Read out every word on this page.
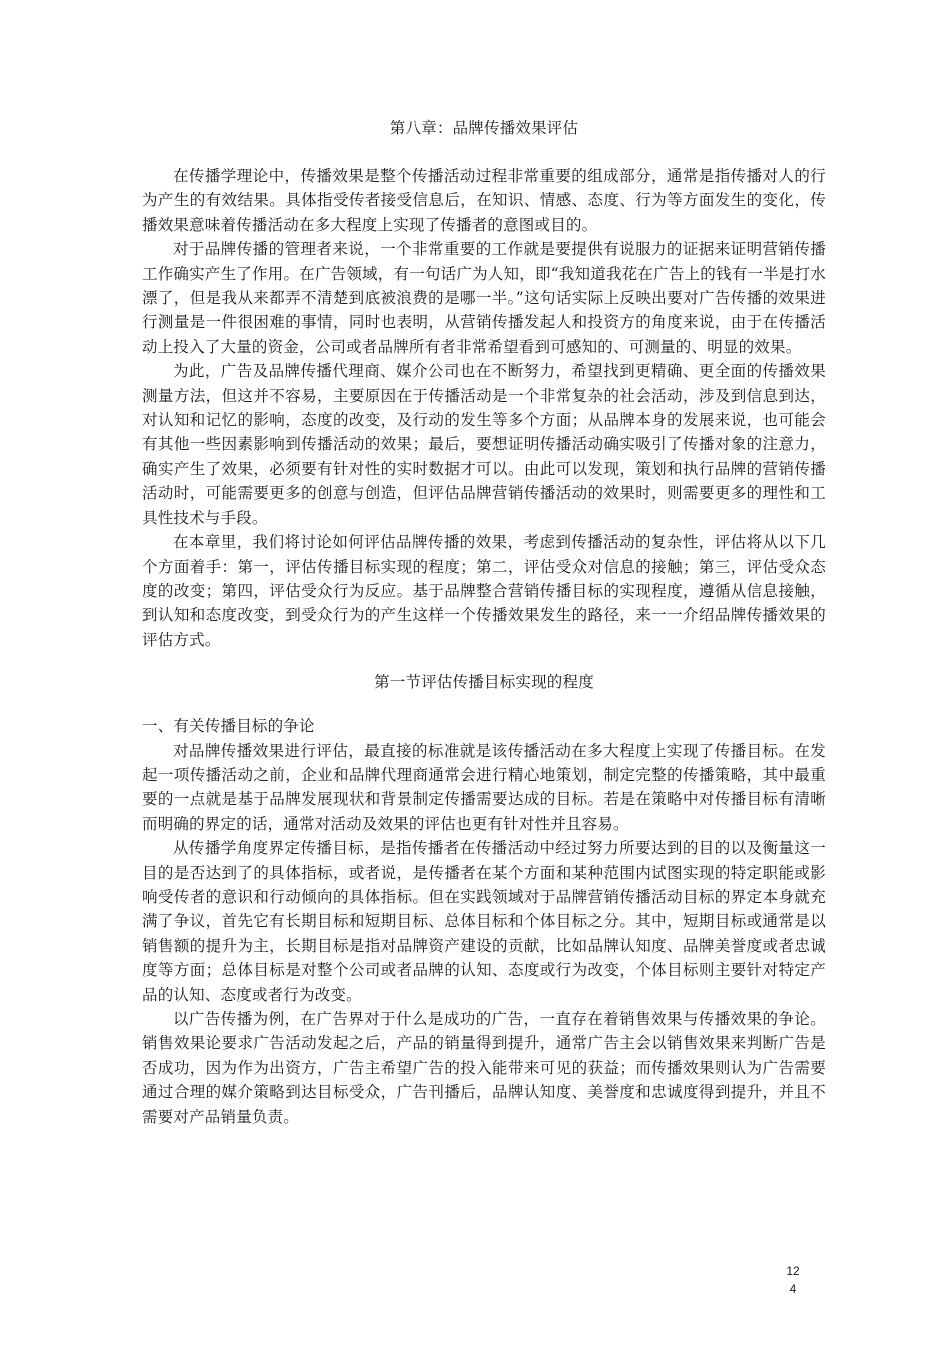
第八章：品牌传播效果评估

在传播学理论中，传播效果是整个传播活动过程非常重要的组成部分，通常是指传播对人的行为产生的有效结果。具体指受传者接受信息后，在知识、情感、态度、行为等方面发生的变化，传播效果意味着传播活动在多大程度上实现了传播者的意图或目的。

对于品牌传播的管理者来说，一个非常重要的工作就是要提供有说服力的证据来证明营销传播工作确实产生了作用。在广告领域，有一句话广为人知，即“我知道我花在广告上的钱有一半是打水漂了，但是我从来都弄不清楚到底被浪费的是哪一半。”这句话实际上反映出要对广告传播的效果进行测量是一件很困难的事情，同时也表明，从营销传播发起人和投资方的角度来说，由于在传播活动上投入了大量的资金，公司或者品牌所有者非常希望看到可感知的、可测量的、明显的效果。

为此，广告及品牌传播代理商、媒介公司也在不断努力，希望找到更精确、更全面的传播效果测量方法，但这并不容易，主要原因在于传播活动是一个非常复杂的社会活动，涉及到信息到达，对认知和记忆的影响，态度的改变，及行动的发生等多个方面；从品牌本身的发展来说，也可能会有其他一些因素影响到传播活动的效果；最后，要想证明传播活动确实吸引了传播对象的注意力，确实产生了效果，必须要有针对性的实时数据才可以。由此可以发现，策划和执行品牌的营销传播活动时，可能需要更多的创意与创造，但评估品牌营销传播活动的效果时，则需要更多的理性和工具性技术与手段。

在本章里，我们将讨论如何评估品牌传播的效果，考虑到传播活动的复杂性，评估将从以下几个方面着手：第一，评估传播目标实现的程度；第二，评估受众对信息的接触；第三，评估受众态度的改变；第四，评估受众行为反应。基于品牌整合营销传播目标的实现程度，遵循从信息接触，到认知和态度改变，到受众行为的产生这样一个传播效果发生的路径，来一一介绍品牌传播效果的评估方式。

第一节评估传播目标实现的程度

一、有关传播目标的争论

对品牌传播效果进行评估，最直接的标准就是该传播活动在多大程度上实现了传播目标。在发起一项传播活动之前，企业和品牌代理商通常会进行精心地策划，制定完整的传播策略，其中最重要的一点就是基于品牌发展现状和背景制定传播需要达成的目标。若是在策略中对传播目标有清晰而明确的界定的话，通常对活动及效果的评估也更有针对性并且容易。

从传播学角度界定传播目标，是指传播者在传播活动中经过努力所要达到的目的以及衡量这一目的是否达到了的具体指标，或者说，是传播者在某个方面和某种范围内试图实现的特定职能或影响受传者的意识和行动倾向的具体指标。但在实践领域对于品牌营销传播活动目标的界定本身就充满了争议，首先它有长期目标和短期目标、总体目标和个体目标之分。其中，短期目标或通常是以销售额的提升为主，长期目标是指对品牌资产建设的贡献，比如品牌认知度、品牌美誉度或者忠诚度等方面；总体目标是对整个公司或者品牌的认知、态度或行为改变，个体目标则主要针对特定产品的认知、态度或者行为改变。

以广告传播为例，在广告界对于什么是成功的广告，一直存在着销售效果与传播效果的争论。销售效果论要求广告活动发起之后，产品的销量得到提升，通常广告主会以销售效果来判断广告是否成功，因为作为出资方，广告主希望广告的投入能带来可见的获益；而传播效果则认为广告需要通过合理的媒介策略到达目标受众，广告刊播后，品牌认知度、美誉度和忠诚度得到提升，并且不需要对产品销量负责。

124
